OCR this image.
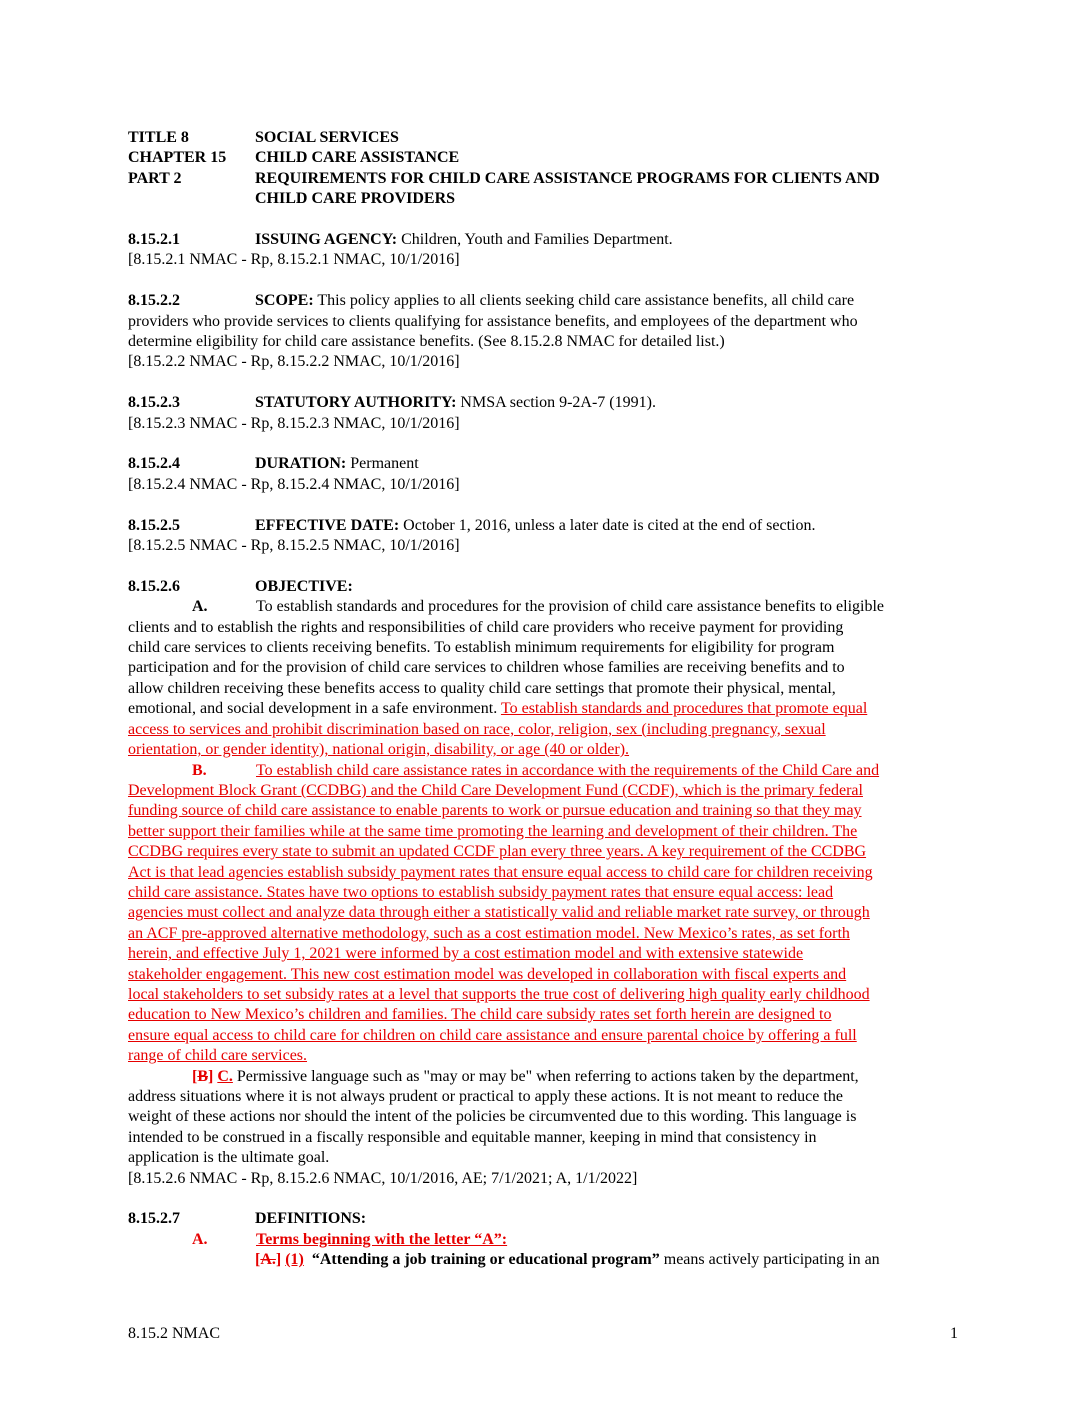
TITLE 8	SOCIAL SERVICES
CHAPTER 15	CHILD CARE ASSISTANCE
PART 2	REQUIREMENTS FOR CHILD CARE ASSISTANCE PROGRAMS FOR CLIENTS AND
CHILD CARE PROVIDERS
8.15.2.1	ISSUING AGENCY: Children, Youth and Families Department.
[8.15.2.1 NMAC - Rp, 8.15.2.1 NMAC, 10/1/2016]
8.15.2.2	SCOPE: This policy applies to all clients seeking child care assistance benefits, all child care
providers who provide services to clients qualifying for assistance benefits, and employees of the department who
determine eligibility for child care assistance benefits. (See 8.15.2.8 NMAC for detailed list.)
[8.15.2.2 NMAC - Rp, 8.15.2.2 NMAC, 10/1/2016]
8.15.2.3	STATUTORY AUTHORITY: NMSA section 9-2A-7 (1991).
[8.15.2.3 NMAC - Rp, 8.15.2.3 NMAC, 10/1/2016]
8.15.2.4	DURATION: Permanent
[8.15.2.4 NMAC - Rp, 8.15.2.4 NMAC, 10/1/2016]
8.15.2.5	EFFECTIVE DATE: October 1, 2016, unless a later date is cited at the end of section.
[8.15.2.5 NMAC - Rp, 8.15.2.5 NMAC, 10/1/2016]
8.15.2.6	OBJECTIVE:
A.	To establish standards and procedures for the provision of child care assistance benefits to eligible
clients and to establish the rights and responsibilities of child care providers who receive payment for providing
child care services to clients receiving benefits. To establish minimum requirements for eligibility for program
participation and for the provision of child care services to children whose families are receiving benefits and to
allow children receiving these benefits access to quality child care settings that promote their physical, mental,
emotional, and social development in a safe environment. To establish standards and procedures that promote equal
access to services and prohibit discrimination based on race, color, religion, sex (including pregnancy, sexual
orientation, or gender identity), national origin, disability, or age (40 or older).
B.	To establish child care assistance rates in accordance with the requirements of the Child Care and
Development Block Grant (CCDBG) and the Child Care Development Fund (CCDF), which is the primary federal
funding source of child care assistance to enable parents to work or pursue education and training so that they may
better support their families while at the same time promoting the learning and development of their children. The
CCDBG requires every state to submit an updated CCDF plan every three years. A key requirement of the CCDBG
Act is that lead agencies establish subsidy payment rates that ensure equal access to child care for children receiving
child care assistance. States have two options to establish subsidy payment rates that ensure equal access: lead
agencies must collect and analyze data through either a statistically valid and reliable market rate survey, or through
an ACF pre-approved alternative methodology, such as a cost estimation model. New Mexico’s rates, as set forth
herein, and effective July 1, 2021 were informed by a cost estimation model and with extensive statewide
stakeholder engagement. This new cost estimation model was developed in collaboration with fiscal experts and
local stakeholders to set subsidy rates at a level that supports the true cost of delivering high quality early childhood
education to New Mexico’s children and families. The child care subsidy rates set forth herein are designed to
ensure equal access to child care for children on child care assistance and ensure parental choice by offering a full
range of child care services.
[B] C. Permissive language such as "may or may be" when referring to actions taken by the department,
address situations where it is not always prudent or practical to apply these actions. It is not meant to reduce the
weight of these actions nor should the intent of the policies be circumvented due to this wording. This language is
intended to be construed in a fiscally responsible and equitable manner, keeping in mind that consistency in
application is the ultimate goal.
[8.15.2.6 NMAC - Rp, 8.15.2.6 NMAC, 10/1/2016, AE; 7/1/2021; A, 1/1/2022]
8.15.2.7	DEFINITIONS:
A.	Terms beginning with the letter “A”:
[A.] (1) “Attending a job training or educational program” means actively participating in an
8.15.2 NMAC	1
